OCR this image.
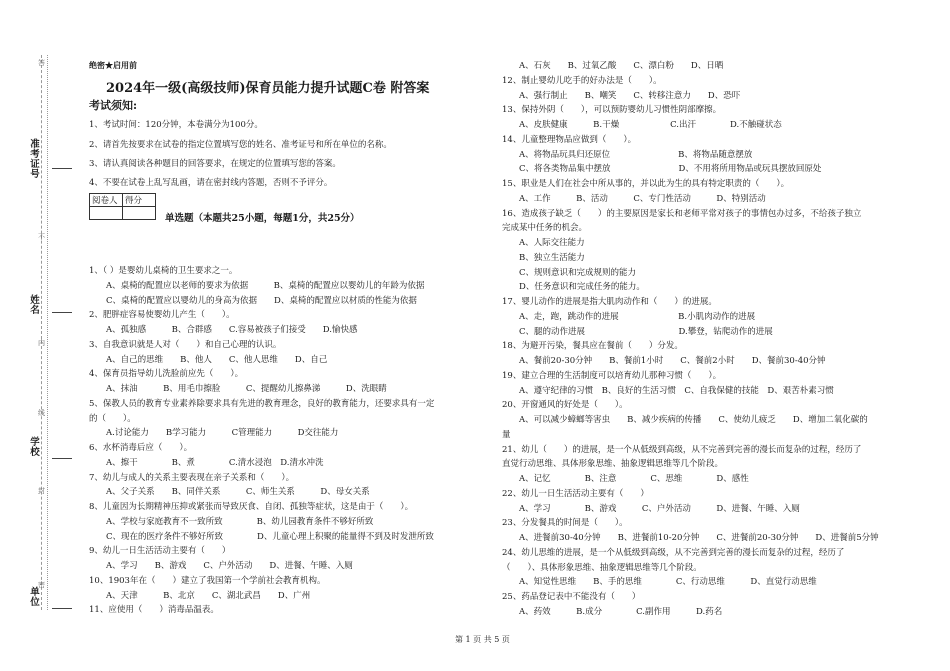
答
不
内
线
封
密
准考证号
姓名
学校
单位
绝密★启用前
2024年一级(高级技师)保育员能力提升试题C卷 附答案
考试须知:
1、考试时间：120分钟，本卷满分为100分。
2、请首先按要求在试卷的指定位置填写您的姓名、准考证号和所在单位的名称。
3、请认真阅读各种题目的回答要求，在规定的位置填写您的答案。
4、不要在试卷上乱写乱画，请在密封线内答题，否则不予评分。
阅卷人	得分

单选题（本题共25小题，每题1分，共25分）
1、（ ）是婴幼儿桌椅的卫生要求之一。
　　A、桌椅的配置应以老师的要求为依据　　　B、桌椅的配置应以婴幼儿的年龄为依据
　　C、桌椅的配置应以婴幼儿的身高为依据　　D、桌椅的配置应以材质的性能为依据
2、肥胖症容易使婴幼儿产生（　　）。
　　A、孤独感　　　B、合群感　　C.容易被孩子们接受　　D.愉快感
3、自我意识就是人对（　　）和自己心理的认识。
　　A、自己的思维　　B、他人　　C、他人思维　　D、自己
4、保育员指导幼儿洗脸前应先（　　）。
　　A、抹油　　　B、用毛巾擦脸　　　C、提醒幼儿擦鼻涕　　　D、洗眼睛
5、保教人员的教育专业素养除要求具有先进的教育理念，良好的教育能力，还要求具有一定
的（　　）。
　　A.讨论能力　　B学习能力　　　C管理能力　　　D交往能力
6、水杯消毒后应（　　）。
　　A、擦干　　　　B、煮　　　　C.清水浸泡　D.清水冲洗
7、幼儿与成人的关系主要表现在亲子关系和（　　）。
　　A、父子关系　　B、同伴关系　　　C、师生关系　　　D、母女关系
8、儿童因为长期精神压抑或紧张而导致厌食、自闭、孤独等症状，这是由于（　　）。
　　A、学校与家庭教育不一致所致　　　　B、幼儿园教育条件不够好所致
　　C、现在的医疗条件不够好所致　　　　D、儿童心理上积聚的能量得不到及时发泄所致
9、幼儿一日生活活动主要有（　　）
　　A、学习　　B、游戏　　C、户外活动　　D、进餐、午睡、入厕
10、1903年在（　　）建立了我国第一个学前社会教育机构。
　　A、天津　　　B、北京　　C、湖北武昌　　D、广州
11、应使用（　　）消毒品温表。
　　A、石灰　　B、过氧乙酸　　C、漂白粉　　D、日晒
12、制止婴幼儿吃手的好办法是（　　）。
　　A、强行制止　　B、嘲笑　　C、转移注意力　　D、恐吓
13、保持外阴（　　），可以预防婴幼儿习惯性阴部摩擦。
　　A、皮肤健康　　　B.干燥　　　　　　C.出汗　　　　D.不触碰状态
14、儿童整理物品应做到（　　）。
　　A、将物品玩具归还原位　　　　　　　　B、将物品随意摆放
　　C、将各类物品集中摆放　　　　　　　　D、不用将所用物品或玩具摆放回原处
15、职业是人们在社会中所从事的，并以此为生的具有特定职责的（　　）。
　　A、工作　　　B、活动　　　C、专门性活动　　　D、特别活动
16、造成孩子缺乏（　　）的主要原因是家长和老师平常对孩子的事情包办过多，不给孩子独立
完成某中任务的机会。
　　A、人际交往能力
　　B、独立生活能力
　　C、规则意识和完成规则的能力
　　D、任务意识和完成任务的能力。
17、婴儿动作的进展是指大肌肉动作和（　　）的进展。
　　A、走，跑，跳动作的进展　　　　　　　B.小肌肉动作的进展
　　C、腿的动作进展　　　　　　　　　　　D.攀登，钻爬动作的进展
18、为避开污染，餐具应在餐前（　　）分发。
　　A、餐前20-30分钟　　B、餐前1小时　　C、餐前2小时　　D、餐前30-40分钟
19、建立合理的生活制度可以培育幼儿那种习惯（　　）。
　　A、遵守纪律的习惯　B、良好的生活习惯　C、自我保健的技能　D、艰苦朴素习惯
20、开窗通风的好处是（　　）。
　　A、可以减少蟑螂等害虫　　B、减少疾病的传播　　C、使幼儿疲乏　　D、增加二氧化碳的
量
21、幼儿（　　）的进展，是一个从低级到高级，从不完善到完善的漫长而复杂的过程，经历了
直觉行动思维、具体形象思维、抽象逻辑思维等几个阶段。
　　A、记忆　　　　B、注意　　　　C、思维　　　　D、感性
22、幼儿一日生活活动主要有（　　）
　　A、学习　　　　B、游戏　　　C、户外活动　　　D、进餐、午睡、入厕
23、分发餐具的时间是（　　）。
　　A、进餐前30-40分钟　　B、进餐前10-20分钟　　C、进餐前20-30分钟　　D、进餐前5分钟
24、幼儿思维的进展，是一个从低级到高级，从不完善到完善的漫长而复杂的过程，经历了
（　　）、具体形象思维、抽象逻辑思维等几个阶段。
　　A、知觉性思维　　B、手的思维　　　　C、行动思维　　　D、直觉行动思维
25、药品登记表中不能没有（　　）
　　A、药效　　　B.成分　　　　C.副作用　　　D.药名
第 1 页 共 5 页
